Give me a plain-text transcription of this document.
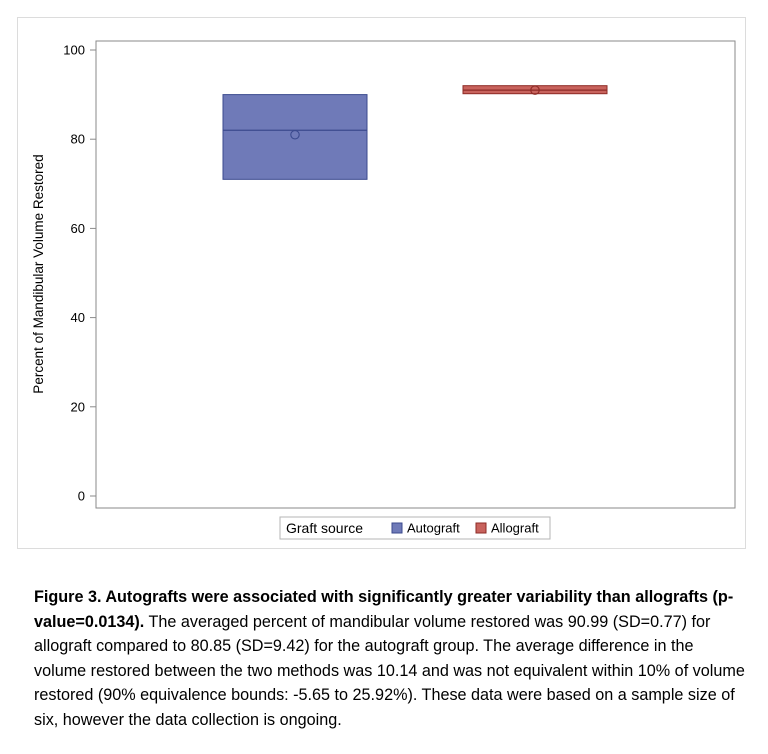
0
20
40
60
80
100
Percent of Mandibular Volume Restored
Graft source	Autograft Allograft
Figure 3. Autografts were associated with significantly greater variability than allografts (p-value=0.0134). The averaged percent of mandibular volume restored was 90.99 (SD=0.77) for allograft compared to 80.85 (SD=9.42) for the autograft group. The average difference in the volume restored between the two methods was 10.14 and was not equivalent within 10% of volume restored (90% equivalence bounds: -5.65 to 25.92%). These data were based on a sample size of six, however the data collection is ongoing.
